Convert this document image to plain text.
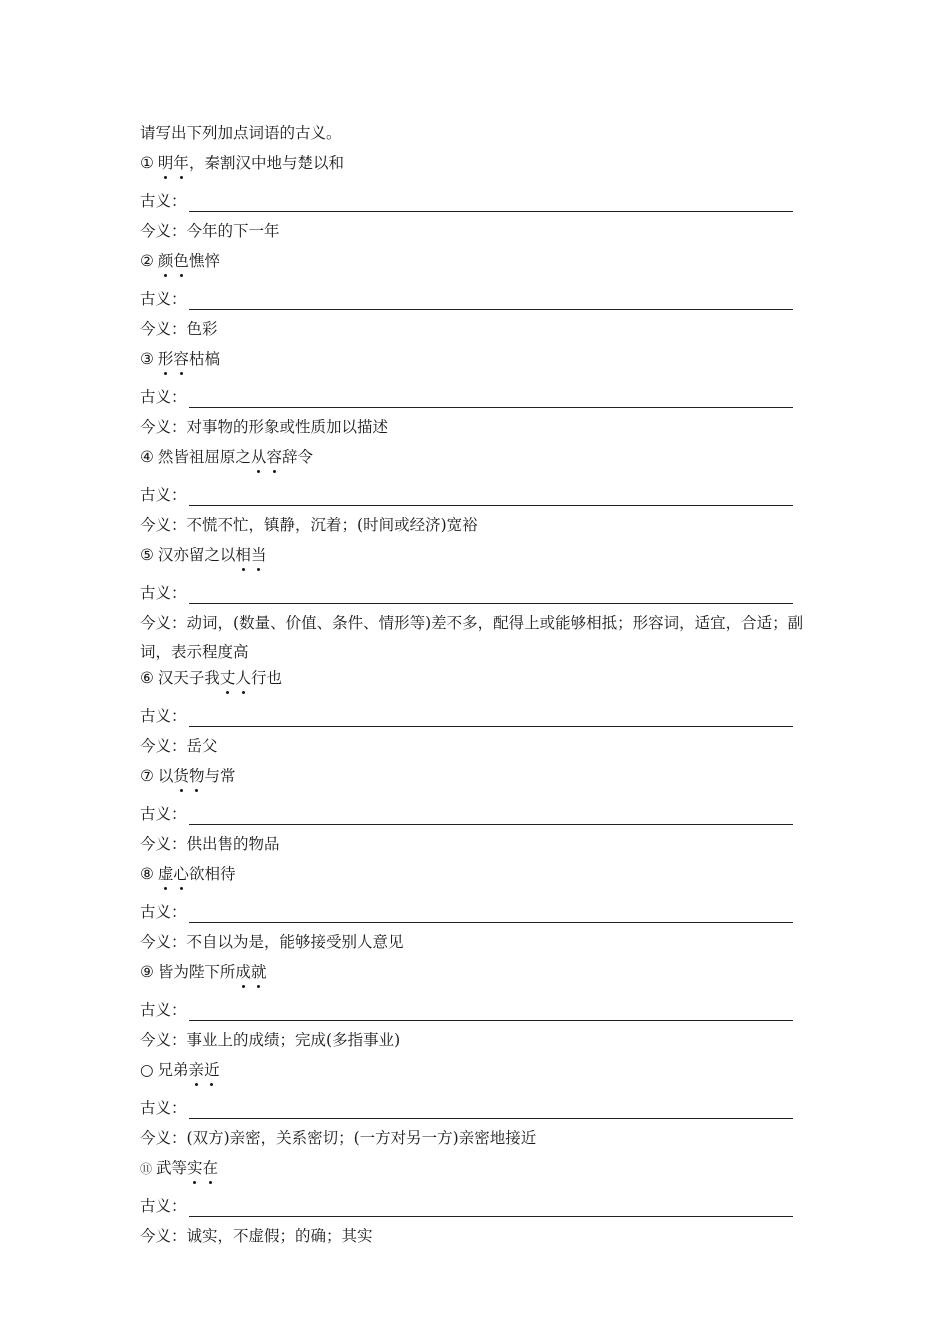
请写出下列加点词语的古义。
① 明年，秦割汉中地与楚以和
古义：
今义：今年的下一年
② 颜色憔悴
古义：
今义：色彩
③ 形容枯槁
古义：
今义：对事物的形象或性质加以描述
④ 然皆祖屈原之从容辞令
古义：
今义：不慌不忙，镇静，沉着；(时间或经济)宽裕
⑤ 汉亦留之以相当
古义：
今义：动词，(数量、价值、条件、情形等)差不多，配得上或能够相抵；形容词，适宜，合适；副词，表示程度高
⑥ 汉天子我丈人行也
古义：
今义：岳父
⑦ 以货物与常
古义：
今义：供出售的物品
⑧ 虚心欲相待
古义：
今义：不自以为是，能够接受别人意见
⑨ 皆为陛下所成就
古义：
今义：事业上的成绩；完成(多指事业)
○ 兄弟亲近
古义：
今义：(双方)亲密，关系密切；(一方对另一方)亲密地接近
⑪ 武等实在
古义：
今义：诚实，不虚假；的确；其实
